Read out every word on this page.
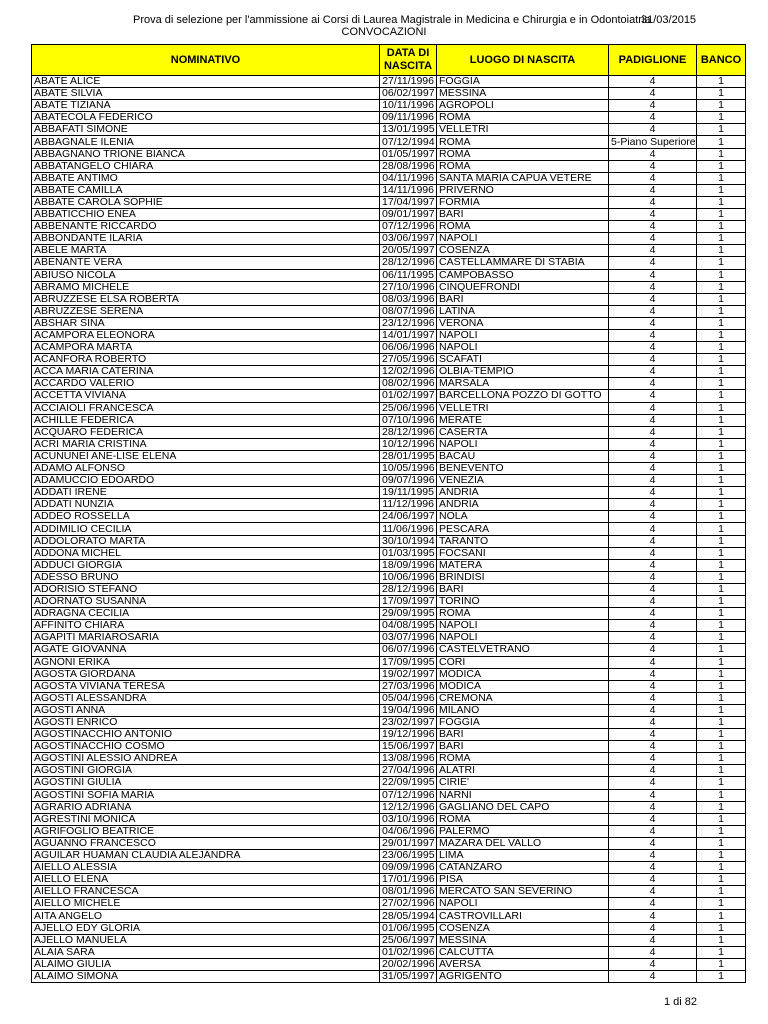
Prova di selezione per l'ammissione ai Corsi di Laurea Magistrale in Medicina e Chirurgia e in Odontoiatria
31/03/2015
CONVOCAZIONI
NOMINATIVO	DATA DI NASCITA	LUOGO DI NASCITA	PADIGLIONE	BANCO
ABATE ALICE	27/11/1996	FOGGIA	4	1
ABATE SILVIA	06/02/1997	MESSINA	4	1
ABATE TIZIANA	10/11/1996	AGROPOLI	4	1
ABATECOLA FEDERICO	09/11/1996	ROMA	4	1
ABBAFATI SIMONE	13/01/1995	VELLETRI	4	1
ABBAGNALE ILENIA	07/12/1994	ROMA	5-Piano Superiore	1
ABBAGNANO TRIONE BIANCA	01/05/1997	ROMA	4	1
ABBATANGELO CHIARA	28/08/1996	ROMA	4	1
ABBATE ANTIMO	04/11/1996	SANTA MARIA CAPUA VETERE	4	1
ABBATE CAMILLA	14/11/1996	PRIVERNO	4	1
ABBATE CAROLA SOPHIE	17/04/1997	FORMIA	4	1
ABBATICCHIO ENEA	09/01/1997	BARI	4	1
ABBENANTE RICCARDO	07/12/1996	ROMA	4	1
ABBONDANTE ILARIA	03/06/1997	NAPOLI	4	1
ABELE MARTA	20/05/1997	COSENZA	4	1
ABENANTE VERA	28/12/1996	CASTELLAMMARE DI STABIA	4	1
ABIUSO NICOLA	06/11/1995	CAMPOBASSO	4	1
ABRAMO MICHELE	27/10/1996	CINQUEFRONDI	4	1
ABRUZZESE ELSA ROBERTA	08/03/1996	BARI	4	1
ABRUZZESE SERENA	08/07/1996	LATINA	4	1
ABSHAR SINA	23/12/1996	VERONA	4	1
ACAMPORA ELEONORA	14/01/1997	NAPOLI	4	1
ACAMPORA MARTA	06/06/1996	NAPOLI	4	1
ACANFORA ROBERTO	27/05/1996	SCAFATI	4	1
ACCA MARIA CATERINA	12/02/1996	OLBIA-TEMPIO	4	1
ACCARDO VALERIO	08/02/1996	MARSALA	4	1
ACCETTA VIVIANA	01/02/1997	BARCELLONA POZZO DI GOTTO	4	1
ACCIAIOLI FRANCESCA	25/06/1996	VELLETRI	4	1
ACHILLE FEDERICA	07/10/1996	MERATE	4	1
ACQUARO FEDERICA	28/12/1996	CASERTA	4	1
ACRI MARIA CRISTINA	10/12/1996	NAPOLI	4	1
ACUNUNEI ANE-LISE ELENA	28/01/1995	BACAU	4	1
ADAMO ALFONSO	10/05/1996	BENEVENTO	4	1
ADAMUCCIO EDOARDO	09/07/1996	VENEZIA	4	1
ADDATI IRENE	19/11/1995	ANDRIA	4	1
ADDATI NUNZIA	11/12/1996	ANDRIA	4	1
ADDEO ROSSELLA	24/06/1997	NOLA	4	1
ADDIMILIO CECILIA	11/06/1996	PESCARA	4	1
ADDOLORATO MARTA	30/10/1994	TARANTO	4	1
ADDONA MICHEL	01/03/1995	FOCSANI	4	1
ADDUCI GIORGIA	18/09/1996	MATERA	4	1
ADESSO BRUNO	10/06/1996	BRINDISI	4	1
ADORISIO STEFANO	28/12/1996	BARI	4	1
ADORNATO SUSANNA	17/09/1997	TORINO	4	1
ADRAGNA CECILIA	29/09/1995	ROMA	4	1
AFFINITO CHIARA	04/08/1995	NAPOLI	4	1
AGAPITI MARIAROSARIA	03/07/1996	NAPOLI	4	1
AGATE GIOVANNA	06/07/1996	CASTELVETRANO	4	1
AGNONI ERIKA	17/09/1995	CORI	4	1
AGOSTA GIORDANA	19/02/1997	MODICA	4	1
AGOSTA VIVIANA TERESA	27/03/1996	MODICA	4	1
AGOSTI ALESSANDRA	05/04/1996	CREMONA	4	1
AGOSTI ANNA	19/04/1996	MILANO	4	1
AGOSTI ENRICO	23/02/1997	FOGGIA	4	1
AGOSTINACCHIO ANTONIO	19/12/1996	BARI	4	1
AGOSTINACCHIO COSMO	15/06/1997	BARI	4	1
AGOSTINI ALESSIO ANDREA	13/08/1996	ROMA	4	1
AGOSTINI GIORGIA	27/04/1996	ALATRI	4	1
AGOSTINI GIULIA	22/09/1995	CIRIE'	4	1
AGOSTINI SOFIA MARIA	07/12/1996	NARNI	4	1
AGRARIO ADRIANA	12/12/1996	GAGLIANO DEL CAPO	4	1
AGRESTINI MONICA	03/10/1996	ROMA	4	1
AGRIFOGLIO BEATRICE	04/06/1996	PALERMO	4	1
AGUANNO FRANCESCO	29/01/1997	MAZARA DEL VALLO	4	1
AGUILAR HUAMAN CLAUDIA ALEJANDRA	23/06/1995	LIMA	4	1
AIELLO ALESSIA	09/09/1996	CATANZARO	4	1
AIELLO ELENA	17/01/1996	PISA	4	1
AIELLO FRANCESCA	08/01/1996	MERCATO SAN SEVERINO	4	1
AIELLO MICHELE	27/02/1996	NAPOLI	4	1
AITA ANGELO	28/05/1994	CASTROVILLARI	4	1
AJELLO EDY GLORIA	01/06/1995	COSENZA	4	1
AJELLO MANUELA	25/06/1997	MESSINA	4	1
ALAIA SARA	01/02/1996	CALCUTTA	4	1
ALAIMO GIULIA	20/02/1996	AVERSA	4	1
ALAIMO SIMONA	31/05/1997	AGRIGENTO	4	1
1 di 82
